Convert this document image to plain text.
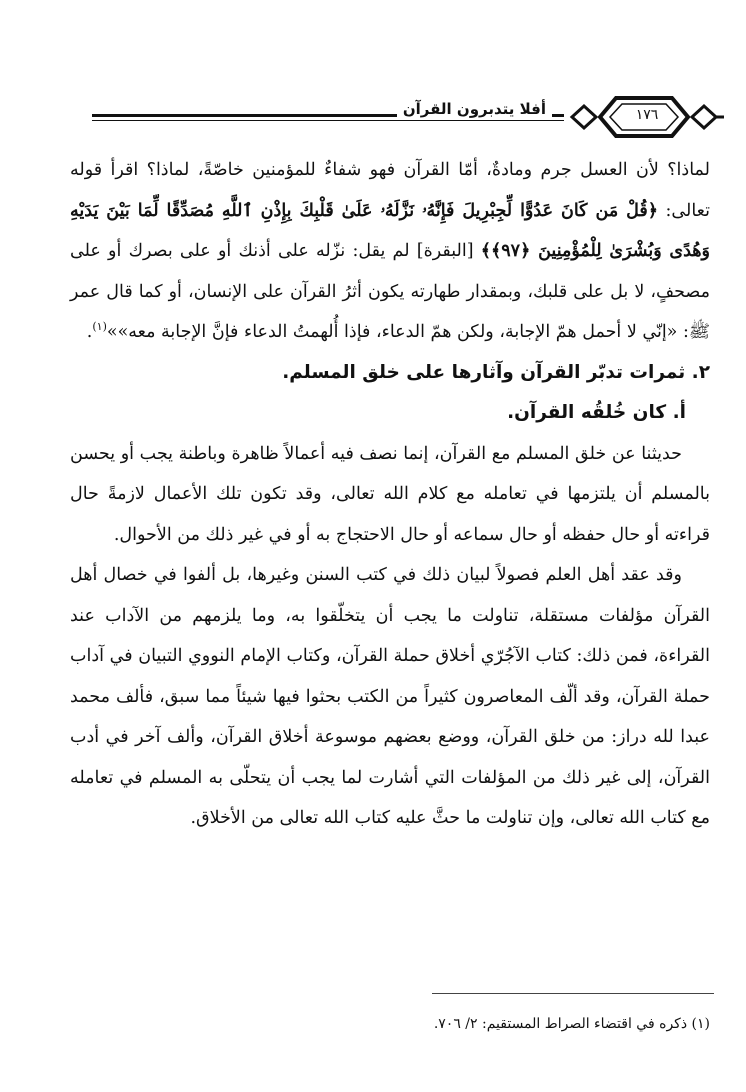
أفلا يتدبرون القرآن	١٧٦

لماذا؟ لأن العسل جرم ومادةٌ، أمّا القرآن فهو شفاءٌ للمؤمنين خاصّةً، لماذا؟ اقرأ قوله تعالى: ﴿قُلْ مَن كَانَ عَدُوًّا لِّجِبْرِيلَ فَإِنَّهُۥ نَزَّلَهُۥ عَلَىٰ قَلْبِكَ بِإِذْنِ ٱللَّهِ مُصَدِّقًا لِّمَا بَيْنَ يَدَيْهِ وَهُدًى وَبُشْرَىٰ لِلْمُؤْمِنِينَ ﴿٩٧﴾﴾ [البقرة] لم يقل: نزّله على أذنك أو على بصرك أو على مصحفٍ، لا بل على قلبك، وبمقدار طهارته يكون أثرُ القرآن على الإنسان، أو كما قال عمر ﷺ: «إنّي لا أحمل همّ الإجابة، ولكن همّ الدعاء، فإذا أُلهمتُ الدعاء فإنَّ الإجابة معه»»$^{(١)}$.

٢. ثمرات تدبّر القرآن وآثارها على خلق المسلم.

أ. كان خُلقُه القرآن.

حديثنا عن خلق المسلم مع القرآن، إنما نصف فيه أعمالاً ظاهرة وباطنة يجب أو يحسن بالمسلم أن يلتزمها في تعامله مع كلام الله تعالى، وقد تكون تلك الأعمال لازمةً حال قراءته أو حال حفظه أو حال سماعه أو حال الاحتجاج به أو في غير ذلك من الأحوال.

وقد عقد أهل العلم فصولاً لبيان ذلك في كتب السنن وغيرها، بل ألفوا في خصال أهل القرآن مؤلفات مستقلة، تناولت ما يجب أن يتخلّقوا به، وما يلزمهم من الآداب عند القراءة، فمن ذلك: كتاب الآجُرّي أخلاق حملة القرآن، وكتاب الإمام النووي التبيان في آداب حملة القرآن، وقد ألّف المعاصرون كثيراً من الكتب بحثوا فيها شيئاً مما سبق، فألف محمد عبدا لله دراز: من خلق القرآن، ووضع بعضهم موسوعة أخلاق القرآن، وألف آخر في أدب القرآن، إلى غير ذلك من المؤلفات التي أشارت لما يجب أن يتحلّى به المسلم في تعامله مع كتاب الله تعالى، وإن تناولت ما حثَّ عليه كتاب الله تعالى من الأخلاق.

(١) ذكره في اقتضاء الصراط المستقيم: ٢/ ٧٠٦.
